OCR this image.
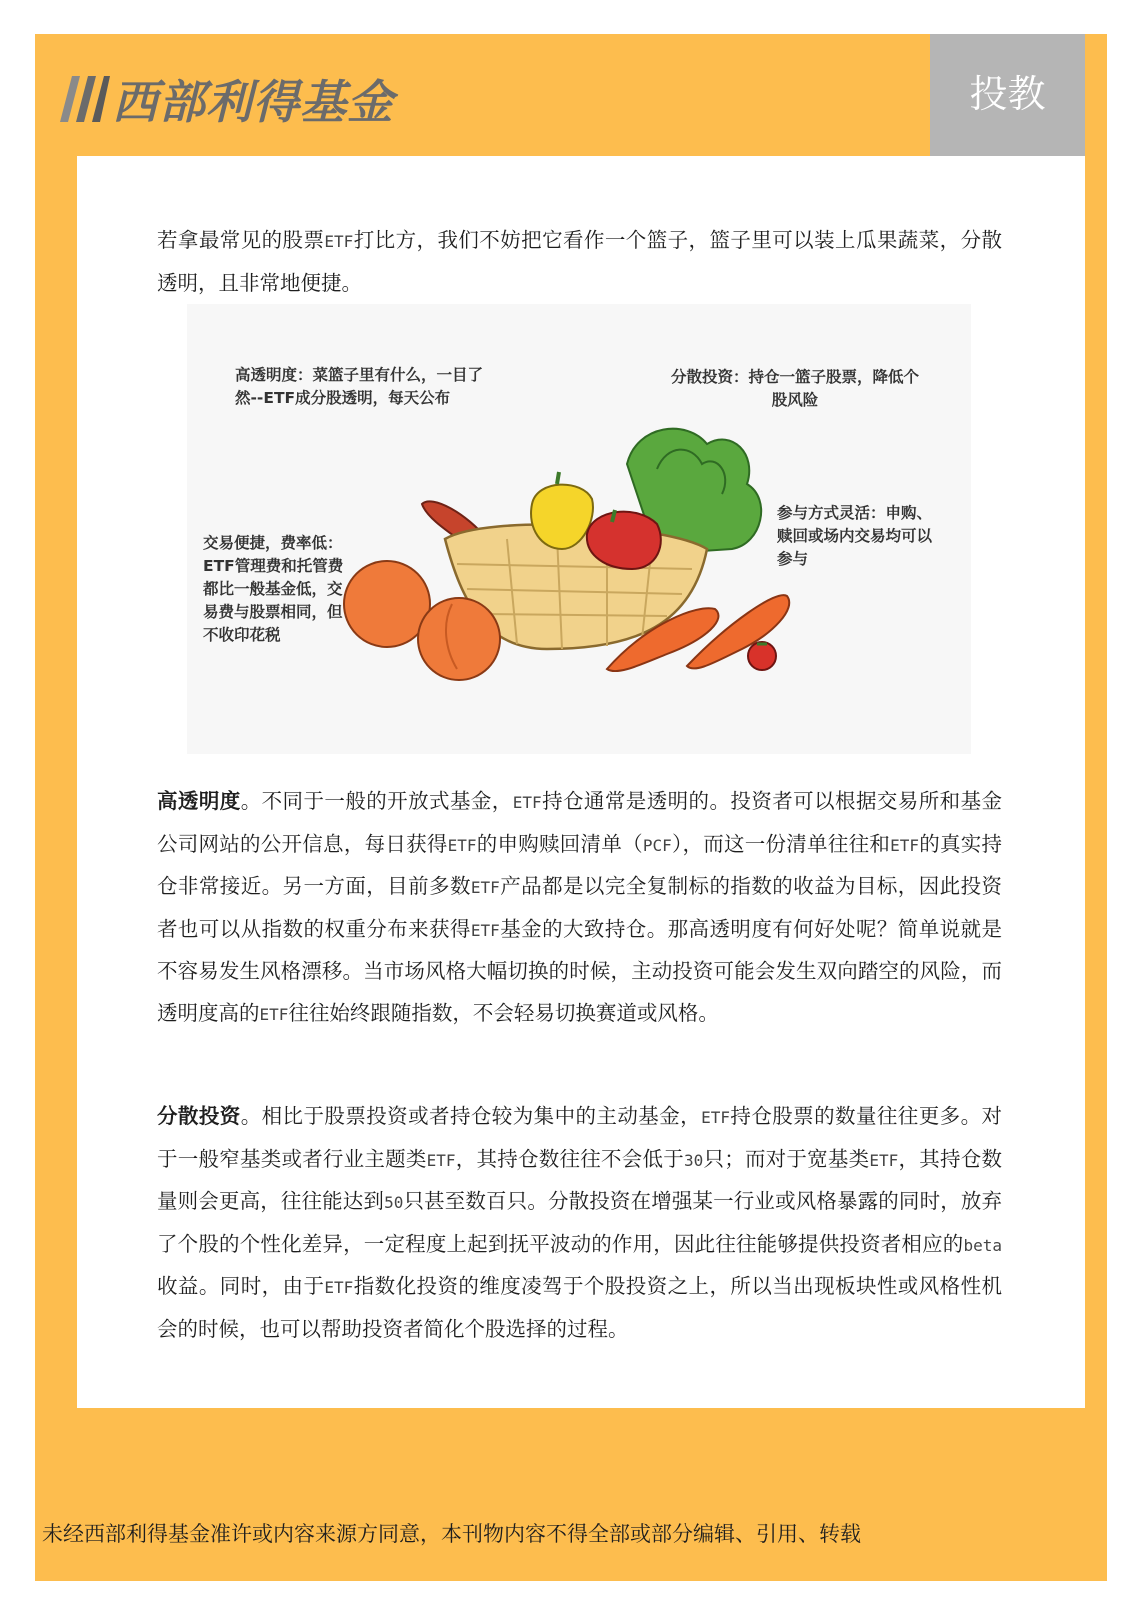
西部利得基金	投教

若拿最常见的股票ETF打比方，我们不妨把它看作一个篮子，篮子里可以装上瓜果蔬菜，分散透明，且非常地便捷。

高透明度：菜篮子里有什么，一目了然--ETF成分股透明，每天公布
分散投资：持仓一篮子股票，降低个股风险
参与方式灵活：申购、赎回或场内交易均可以参与
交易便捷，费率低：ETF管理费和托管费都比一般基金低，交易费与股票相同，但不收印花税

高透明度。不同于一般的开放式基金，ETF持仓通常是透明的。投资者可以根据交易所和基金公司网站的公开信息，每日获得ETF的申购赎回清单（PCF），而这一份清单往往和ETF的真实持仓非常接近。另一方面，目前多数ETF产品都是以完全复制标的指数的收益为目标，因此投资者也可以从指数的权重分布来获得ETF基金的大致持仓。那高透明度有何好处呢？简单说就是不容易发生风格漂移。当市场风格大幅切换的时候，主动投资可能会发生双向踏空的风险，而透明度高的ETF往往始终跟随指数，不会轻易切换赛道或风格。

分散投资。相比于股票投资或者持仓较为集中的主动基金，ETF持仓股票的数量往往更多。对于一般窄基类或者行业主题类ETF，其持仓数往往不会低于30只；而对于宽基类ETF，其持仓数量则会更高，往往能达到50只甚至数百只。分散投资在增强某一行业或风格暴露的同时，放弃了个股的个性化差异，一定程度上起到抚平波动的作用，因此往往能够提供投资者相应的beta收益。同时，由于ETF指数化投资的维度凌驾于个股投资之上，所以当出现板块性或风格性机会的时候，也可以帮助投资者简化个股选择的过程。

未经西部利得基金准许或内容来源方同意，本刊物内容不得全部或部分编辑、引用、转载
